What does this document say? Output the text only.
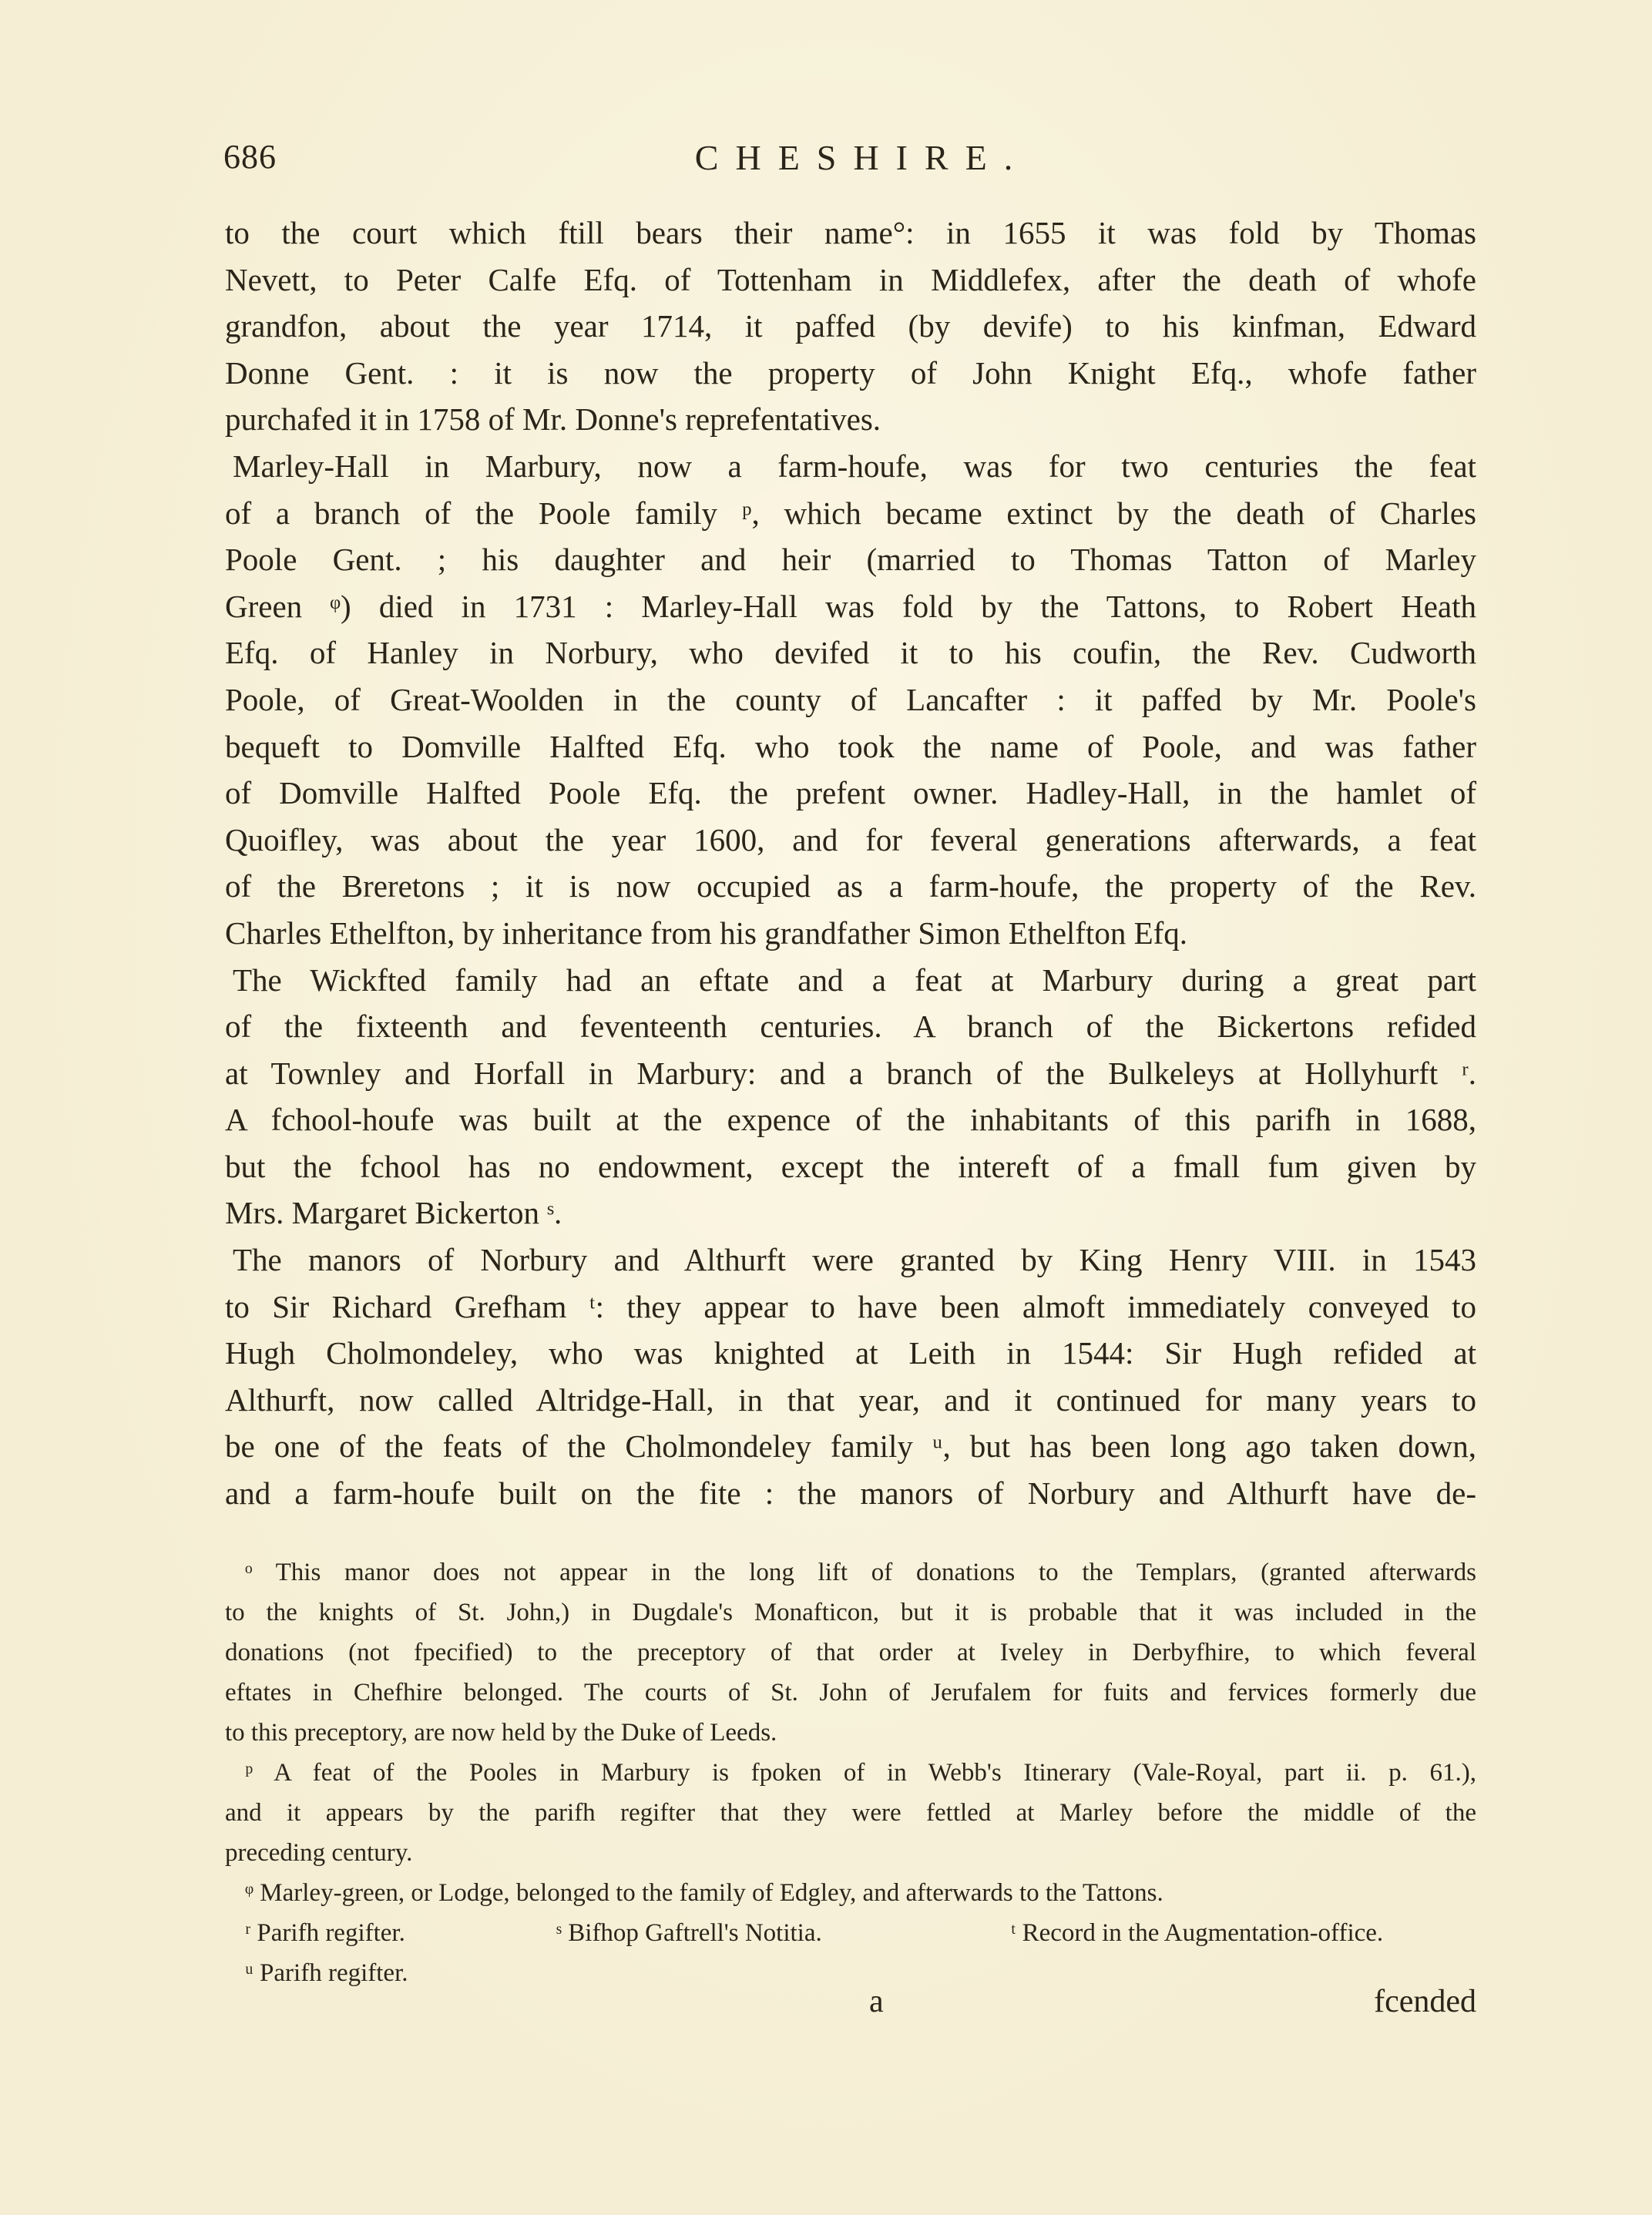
686	CHESHIRE.
to the court which ftill bears their name°: in 1655 it was fold by Thomas
Nevett, to Peter Calfe Efq. of Tottenham in Middlefex, after the death of whofe
grandfon, about the year 1714, it paffed (by devife) to his kinfman, Edward
Donne Gent. : it is now the property of John Knight Efq., whofe father
purchafed it in 1758 of Mr. Donne's reprefentatives.
Marley-Hall in Marbury, now a farm-houfe, was for two centuries the feat
of a branch of the Poole family ᵖ, which became extinct by the death of Charles
Poole Gent. ; his daughter and heir (married to Thomas Tatton of Marley
Green ᵠ) died in 1731 : Marley-Hall was fold by the Tattons, to Robert Heath
Efq. of Hanley in Norbury, who devifed it to his coufin, the Rev. Cudworth
Poole, of Great-Woolden in the county of Lancafter : it paffed by Mr. Poole's
bequeft to Domville Halfted Efq. who took the name of Poole, and was father
of Domville Halfted Poole Efq. the prefent owner. Hadley-Hall, in the hamlet of
Quoifley, was about the year 1600, and for feveral generations afterwards, a feat
of the Breretons ; it is now occupied as a farm-houfe, the property of the Rev.
Charles Ethelfton, by inheritance from his grandfather Simon Ethelfton Efq.
The Wickfted family had an eftate and a feat at Marbury during a great part
of the fixteenth and feventeenth centuries. A branch of the Bickertons refided
at Townley and Horfall in Marbury: and a branch of the Bulkeleys at Hollyhurft ʳ.
A fchool-houfe was built at the expence of the inhabitants of this parifh in 1688,
but the fchool has no endowment, except the intereft of a fmall fum given by
Mrs. Margaret Bickerton ˢ.
The manors of Norbury and Althurft were granted by King Henry VIII. in 1543
to Sir Richard Grefham ᵗ: they appear to have been almoft immediately conveyed to
Hugh Cholmondeley, who was knighted at Leith in 1544: Sir Hugh refided at
Althurft, now called Altridge-Hall, in that year, and it continued for many years to
be one of the feats of the Cholmondeley family ᵘ, but has been long ago taken down,
and a farm-houfe built on the fite : the manors of Norbury and Althurft have de-
ᵒ This manor does not appear in the long lift of donations to the Templars, (granted afterwards
to the knights of St. John,) in Dugdale's Monafticon, but it is probable that it was included in the
donations (not fpecified) to the preceptory of that order at Iveley in Derbyfhire, to which feveral
eftates in Chefhire belonged. The courts of St. John of Jerufalem for fuits and fervices formerly due
to this preceptory, are now held by the Duke of Leeds.
ᵖ A feat of the Pooles in Marbury is fpoken of in Webb's Itinerary (Vale-Royal, part ii. p. 61.),
and it appears by the parifh regifter that they were fettled at Marley before the middle of the
preceding century.
ᵠ Marley-green, or Lodge, belonged to the family of Edgley, and afterwards to the Tattons.
ʳ Parifh regifter.	ˢ Bifhop Gaftrell's Notitia.	ᵗ Record in the Augmentation-office.
ᵘ Parifh regifter.
a	fcended
